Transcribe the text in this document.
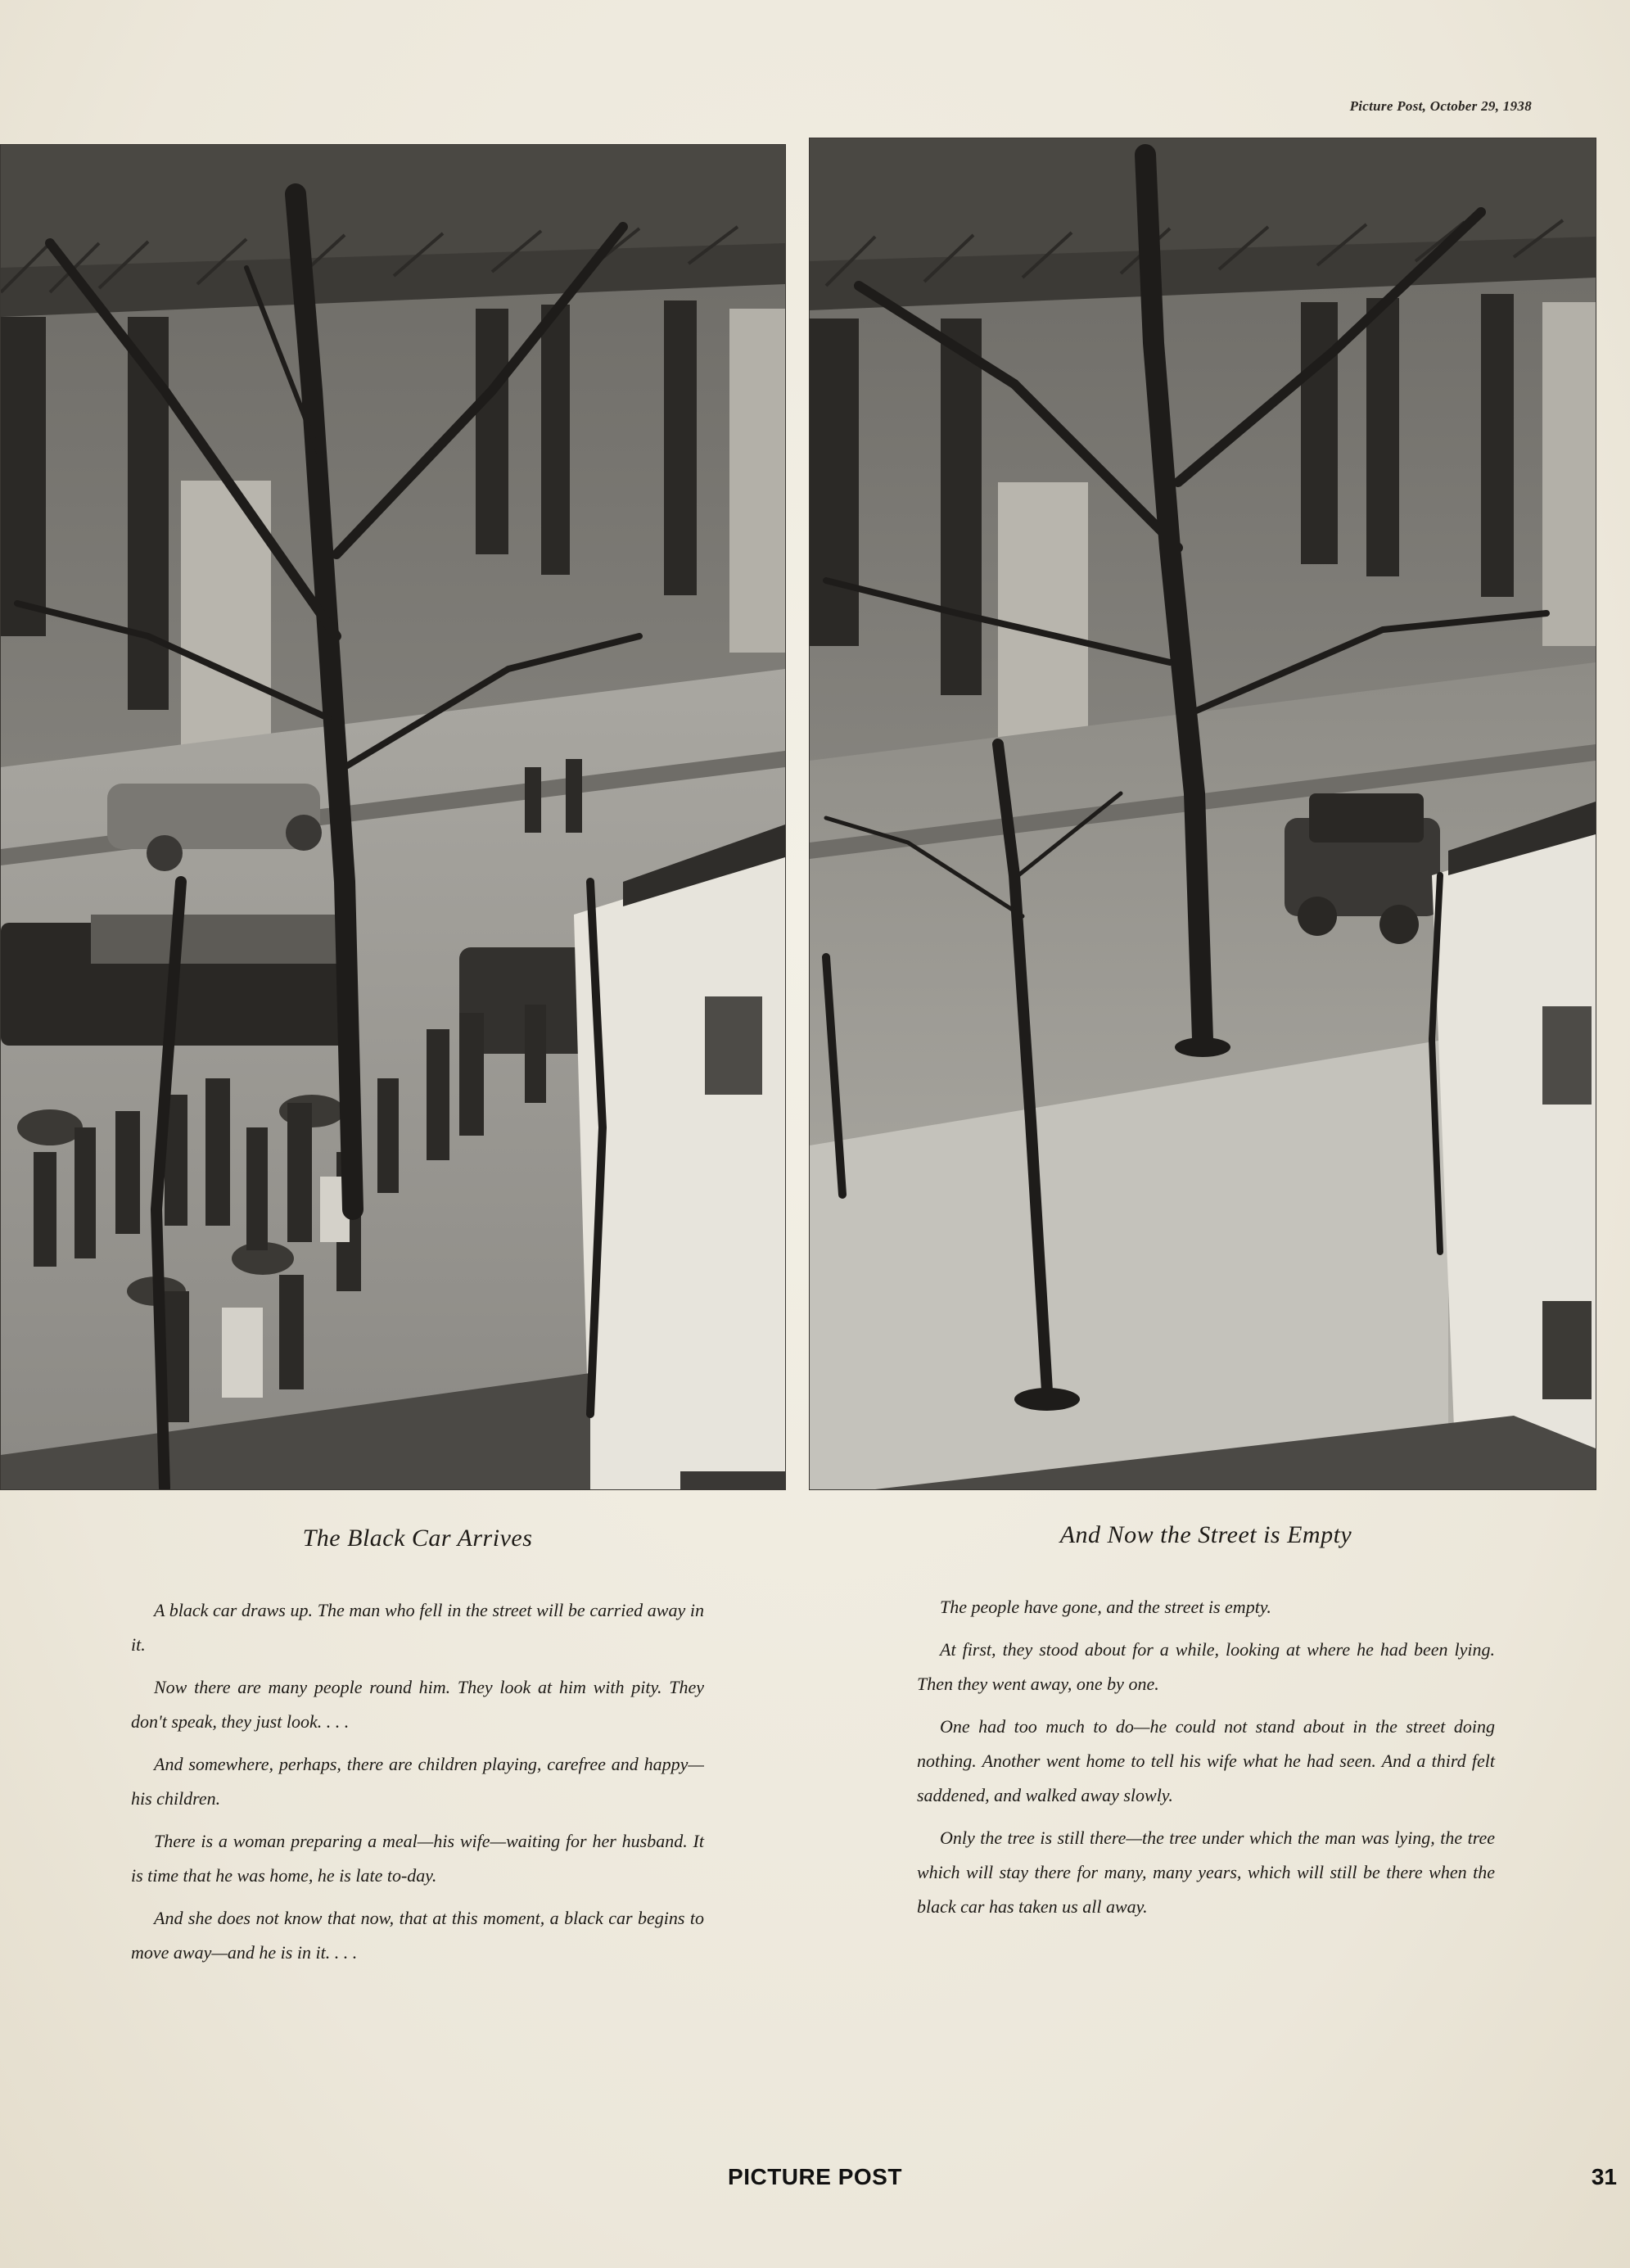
Picture Post, October 29, 1938
The Black Car Arrives

A black car draws up. The man who fell in the street will be carried away in it.

Now there are many people round him. They look at him with pity. They don't speak, they just look. . . .

And somewhere, perhaps, there are children playing, carefree and happy—his children.

There is a woman preparing a meal—his wife—waiting for her husband. It is time that he was home, he is late to-day.

And she does not know that now, that at this moment, a black car begins to move away—and he is in it. . . .

And Now the Street is Empty

The people have gone, and the street is empty.

At first, they stood about for a while, looking at where he had been lying. Then they went away, one by one.

One had too much to do—he could not stand about in the street doing nothing. Another went home to tell his wife what he had seen. And a third felt saddened, and walked away slowly.

Only the tree is still there—the tree under which the man was lying, the tree which will stay there for many, many years, which will still be there when the black car has taken us all away.

PICTURE POST	31
